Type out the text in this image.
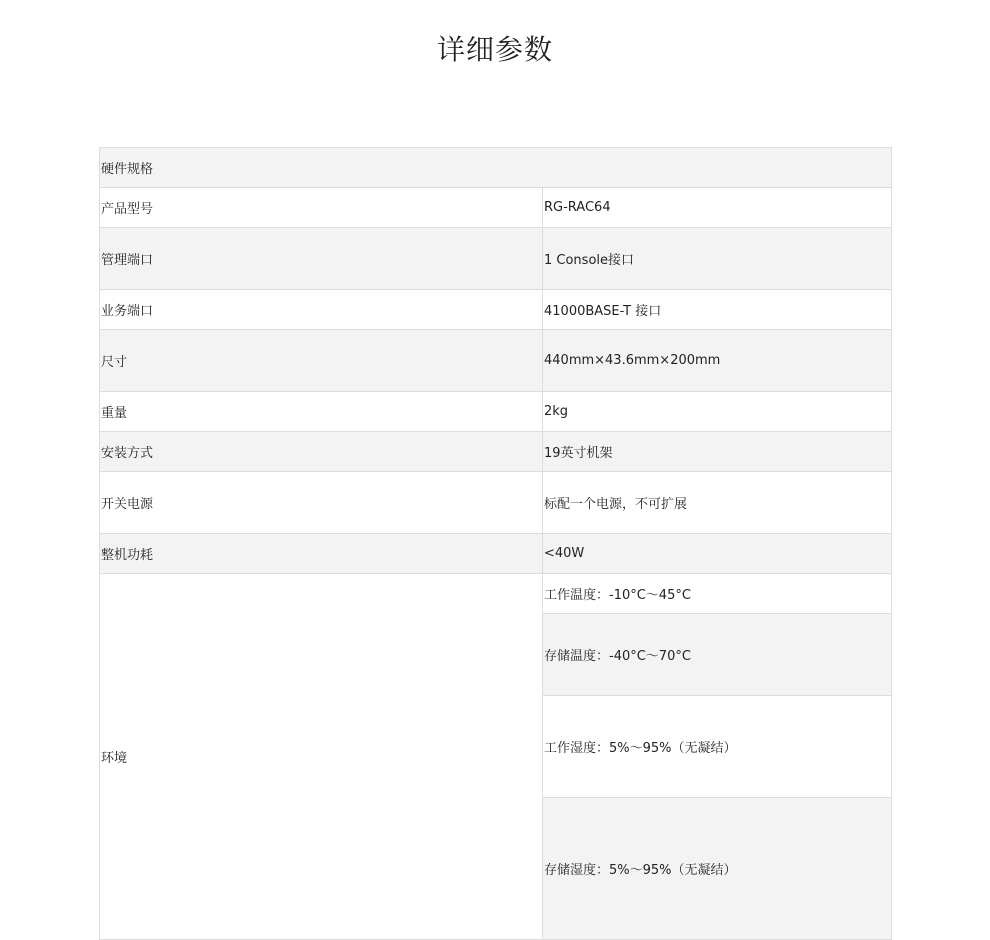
详细参数
硬件规格	
产品型号	RG-RAC64
管理端口	1 Console接口
业务端口	41000BASE-T 接口
尺寸	440mm×43.6mm×200mm
重量	2kg
安装方式	19英寸机架
开关电源	标配一个电源，不可扩展
整机功耗	<40W
环境	工作温度：-10°C～45°C
	存储温度：-40°C～70°C
	工作湿度：5%～95%（无凝结）
	存储湿度：5%～95%（无凝结）
